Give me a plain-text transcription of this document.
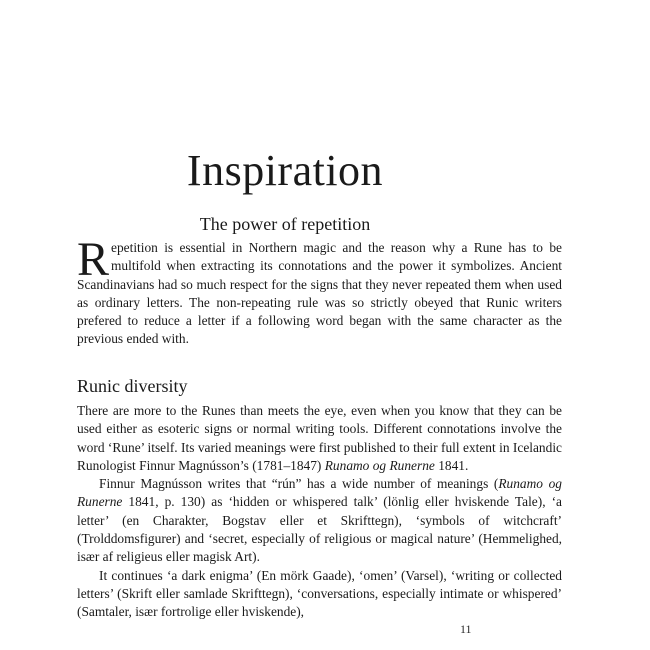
Inspiration
The power of repetition

Repetition is essential in Northern magic and the reason why a Rune has to be multifold when extracting its connotations and the power it symbolizes. Ancient Scandinavians had so much respect for the signs that they never repeated them when used as ordinary letters. The non-repeating rule was so strictly obeyed that Runic writers prefered to reduce a letter if a following word began with the same character as the previous ended with.

Runic diversity

There are more to the Runes than meets the eye, even when you know that they can be used either as esoteric signs or normal writing tools. Different connotations involve the word ‘Rune’ itself. Its varied meanings were first published to their full extent in Icelandic Runologist Finnur Magnússon’s (1781–1847) Runamo og Runerne 1841.

Finnur Magnússon writes that “rún” has a wide number of meanings (Runamo og Runerne 1841, p. 130) as ‘hidden or whispered talk’ (lönlig eller hviskende Tale), ‘a letter’ (en Charakter, Bogstav eller et Skrifttegn), ‘symbols of witchcraft’ (Trolddomsfigurer) and ‘secret, especially of religious or magical nature’ (Hemmelighed, især af religieus eller magisk Art).

It continues ‘a dark enigma’ (En mörk Gaade), ‘omen’ (Varsel), ‘writing or collected letters’ (Skrift eller samlade Skrifttegn), ‘conversations, especially intimate or whispered’ (Samtaler, især fortrolige eller hviskende),

11
